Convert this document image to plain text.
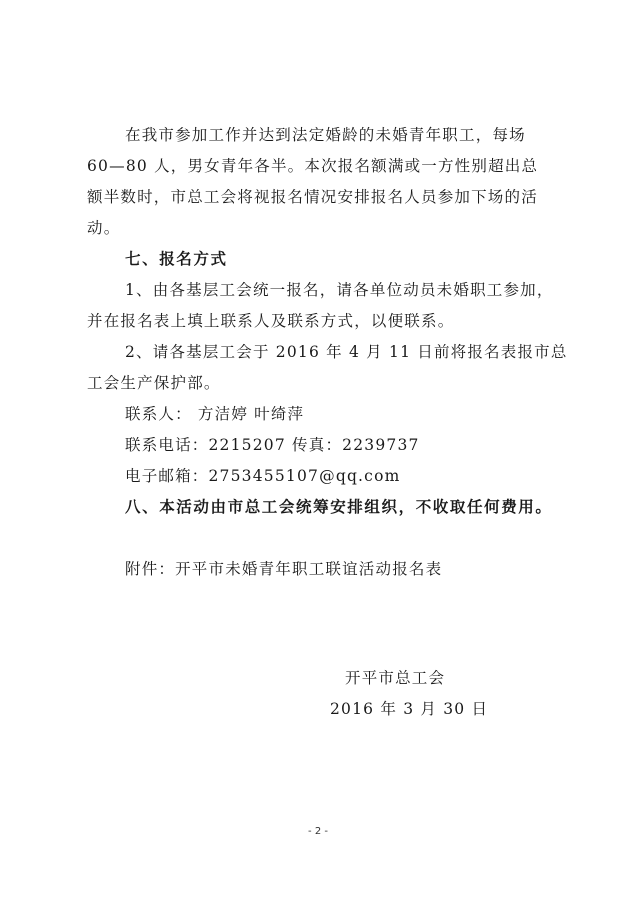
在我市参加工作并达到法定婚龄的未婚青年职工，每场
60—80 人，男女青年各半。本次报名额满或一方性别超出总
额半数时，市总工会将视报名情况安排报名人员参加下场的活
动。
七、报名方式
1、由各基层工会统一报名，请各单位动员未婚职工参加，
并在报名表上填上联系人及联系方式，以便联系。
2、请各基层工会于 2016 年 4 月 11 日前将报名表报市总
工会生产保护部。
联系人： 方洁婷 叶绮萍
联系电话：2215207 传真：2239737
电子邮箱：2753455107@qq.com
八、本活动由市总工会统筹安排组织，不收取任何费用。
附件：开平市未婚青年职工联谊活动报名表
开平市总工会
2016 年 3 月 30 日
- 2 -
